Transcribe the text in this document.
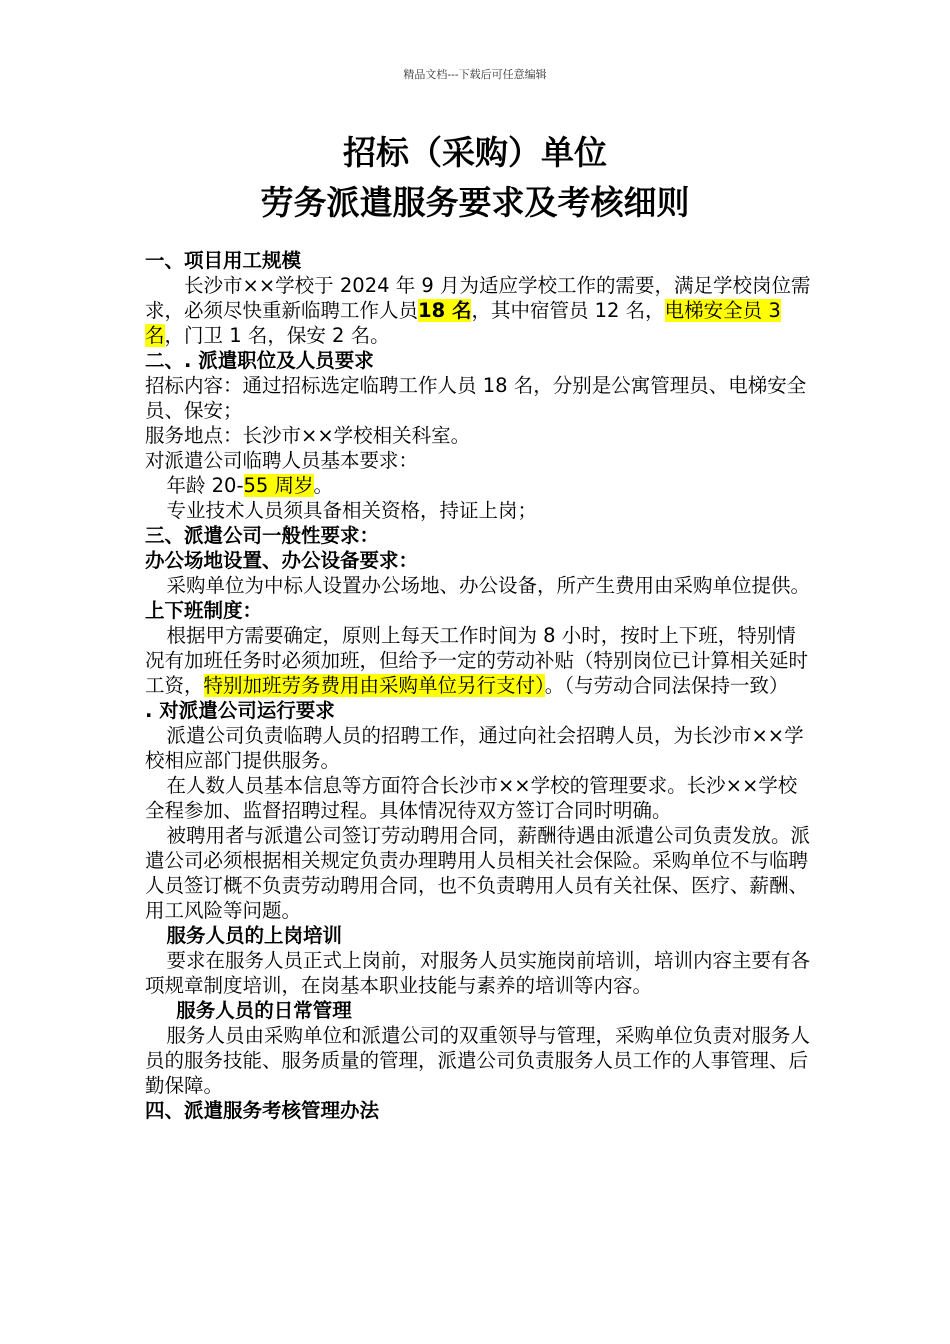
精品文档---下载后可任意编辑
招标（采购）单位
劳务派遣服务要求及考核细则

一、项目用工规模

　长沙市××学校于 2024 年 9 月为适应学校工作的需要，满足学校岗位需求，必须尽快重新临聘工作人员18 名，其中宿管员 12 名，电梯安全员 3 名，门卫 1 名，保安 2 名。

二、. 派遣职位及人员要求

招标内容：通过招标选定临聘工作人员 18 名，分别是公寓管理员、电梯安全员、保安；

服务地点：长沙市××学校相关科室。

对派遣公司临聘人员基本要求：

年龄 20-55 周岁。

专业技术人员须具备相关资格，持证上岗；

三、派遣公司一般性要求：

办公场地设置、办公设备要求：

采购单位为中标人设置办公场地、办公设备，所产生费用由采购单位提供。

上下班制度：

根据甲方需要确定，原则上每天工作时间为 8 小时，按时上下班，特别情况有加班任务时必须加班，但给予一定的劳动补贴（特别岗位已计算相关延时工资，特别加班劳务费用由采购单位另行支付）。（与劳动合同法保持一致）

. 对派遣公司运行要求

派遣公司负责临聘人员的招聘工作，通过向社会招聘人员，为长沙市××学校相应部门提供服务。

在人数人员基本信息等方面符合长沙市××学校的管理要求。长沙××学校全程参加、监督招聘过程。具体情况待双方签订合同时明确。

被聘用者与派遣公司签订劳动聘用合同，薪酬待遇由派遣公司负责发放。派遣公司必须根据相关规定负责办理聘用人员相关社会保险。采购单位不与临聘人员签订概不负责劳动聘用合同，也不负责聘用人员有关社保、医疗、薪酬、用工风险等问题。

服务人员的上岗培训

要求在服务人员正式上岗前，对服务人员实施岗前培训，培训内容主要有各项规章制度培训，在岗基本职业技能与素养的培训等内容。

服务人员的日常管理

服务人员由采购单位和派遣公司的双重领导与管理，采购单位负责对服务人员的服务技能、服务质量的管理，派遣公司负责服务人员工作的人事管理、后勤保障。

四、派遣服务考核管理办法
